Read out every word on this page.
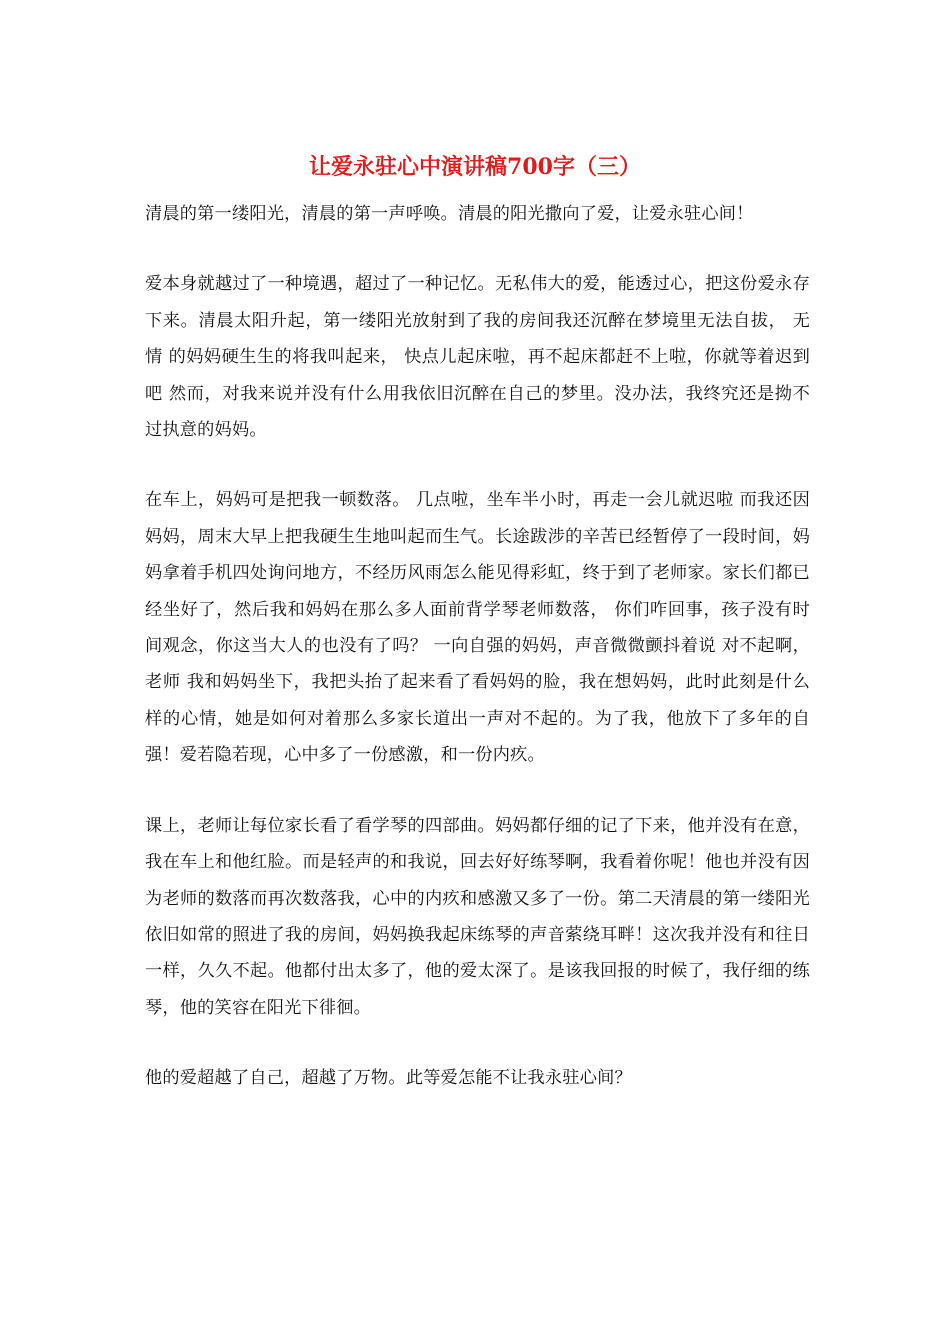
让爱永驻心中演讲稿700字（三）

清晨的第一缕阳光，清晨的第一声呼唤。清晨的阳光撒向了爱，让爱永驻心间！

爱本身就越过了一种境遇，超过了一种记忆。无私伟大的爱，能透过心，把这份爱永存下来。清晨太阳升起，第一缕阳光放射到了我的房间我还沉醉在梦境里无法自拔， 无情 的妈妈硬生生的将我叫起来， 快点儿起床啦，再不起床都赶不上啦，你就等着迟到吧 然而，对我来说并没有什么用我依旧沉醉在自己的梦里。没办法，我终究还是拗不过执意的妈妈。

在车上，妈妈可是把我一顿数落。 几点啦，坐车半小时，再走一会儿就迟啦 而我还因妈妈，周末大早上把我硬生生地叫起而生气。长途跋涉的辛苦已经暂停了一段时间，妈妈拿着手机四处询问地方，不经历风雨怎么能见得彩虹，终于到了老师家。家长们都已经坐好了，然后我和妈妈在那么多人面前背学琴老师数落， 你们咋回事，孩子没有时间观念，你这当大人的也没有了吗？ 一向自强的妈妈，声音微微颤抖着说 对不起啊，老师 我和妈妈坐下，我把头抬了起来看了看妈妈的脸，我在想妈妈，此时此刻是什么样的心情，她是如何对着那么多家长道出一声对不起的。为了我，他放下了多年的自强！爱若隐若现，心中多了一份感激，和一份内疚。

课上，老师让每位家长看了看学琴的四部曲。妈妈都仔细的记了下来，他并没有在意，我在车上和他红脸。而是轻声的和我说，回去好好练琴啊，我看着你呢！他也并没有因为老师的数落而再次数落我，心中的内疚和感激又多了一份。第二天清晨的第一缕阳光依旧如常的照进了我的房间，妈妈换我起床练琴的声音萦绕耳畔！这次我并没有和往日一样，久久不起。他都付出太多了，他的爱太深了。是该我回报的时候了，我仔细的练琴，他的笑容在阳光下徘徊。

他的爱超越了自己，超越了万物。此等爱怎能不让我永驻心间？
